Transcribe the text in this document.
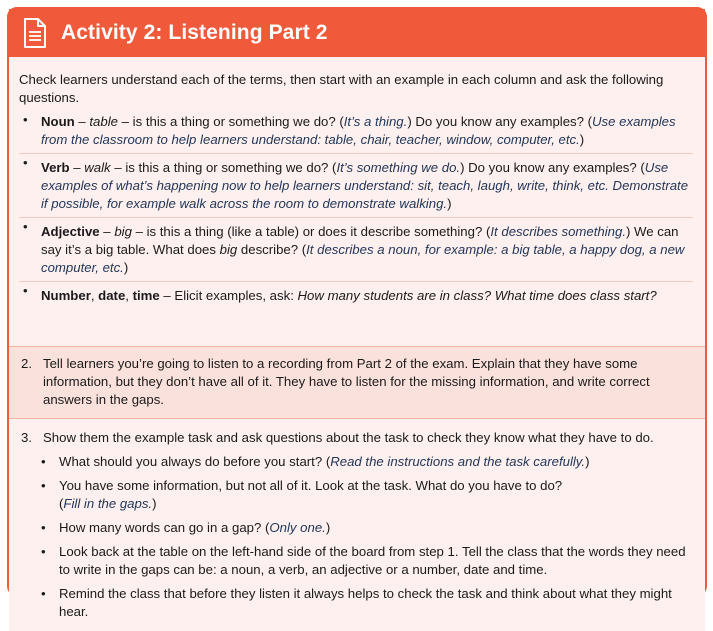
Activity 2: Listening Part 2

Check learners understand each of the terms, then start with an example in each column and ask the following questions.

• Noun – table – is this a thing or something we do? (It’s a thing.) Do you know any examples? (Use examples from the classroom to help learners understand: table, chair, teacher, window, computer, etc.)
• Verb – walk – is this a thing or something we do? (It’s something we do.) Do you know any examples? (Use examples of what’s happening now to help learners understand: sit, teach, laugh, write, think, etc. Demonstrate if possible, for example walk across the room to demonstrate walking.)
• Adjective – big – is this a thing (like a table) or does it describe something? (It describes something.) We can say it’s a big table. What does big describe? (It describes a noun, for example: a big table, a happy dog, a new computer, etc.)
• Number, date, time – Elicit examples, ask: How many students are in class? What time does class start?
2. Tell learners you’re going to listen to a recording from Part 2 of the exam. Explain that they have some information, but they don’t have all of it. They have to listen for the missing information, and write correct answers in the gaps.
3. Show them the example task and ask questions about the task to check they know what they have to do.
• What should you always do before you start? (Read the instructions and the task carefully.)
• You have some information, but not all of it. Look at the task. What do you have to do?
(Fill in the gaps.)
• How many words can go in a gap? (Only one.)
• Look back at the table on the left-hand side of the board from step 1. Tell the class that the words they need to write in the gaps can be: a noun, a verb, an adjective or a number, date and time.
• Remind the class that before they listen it always helps to check the task and think about what they might hear.
